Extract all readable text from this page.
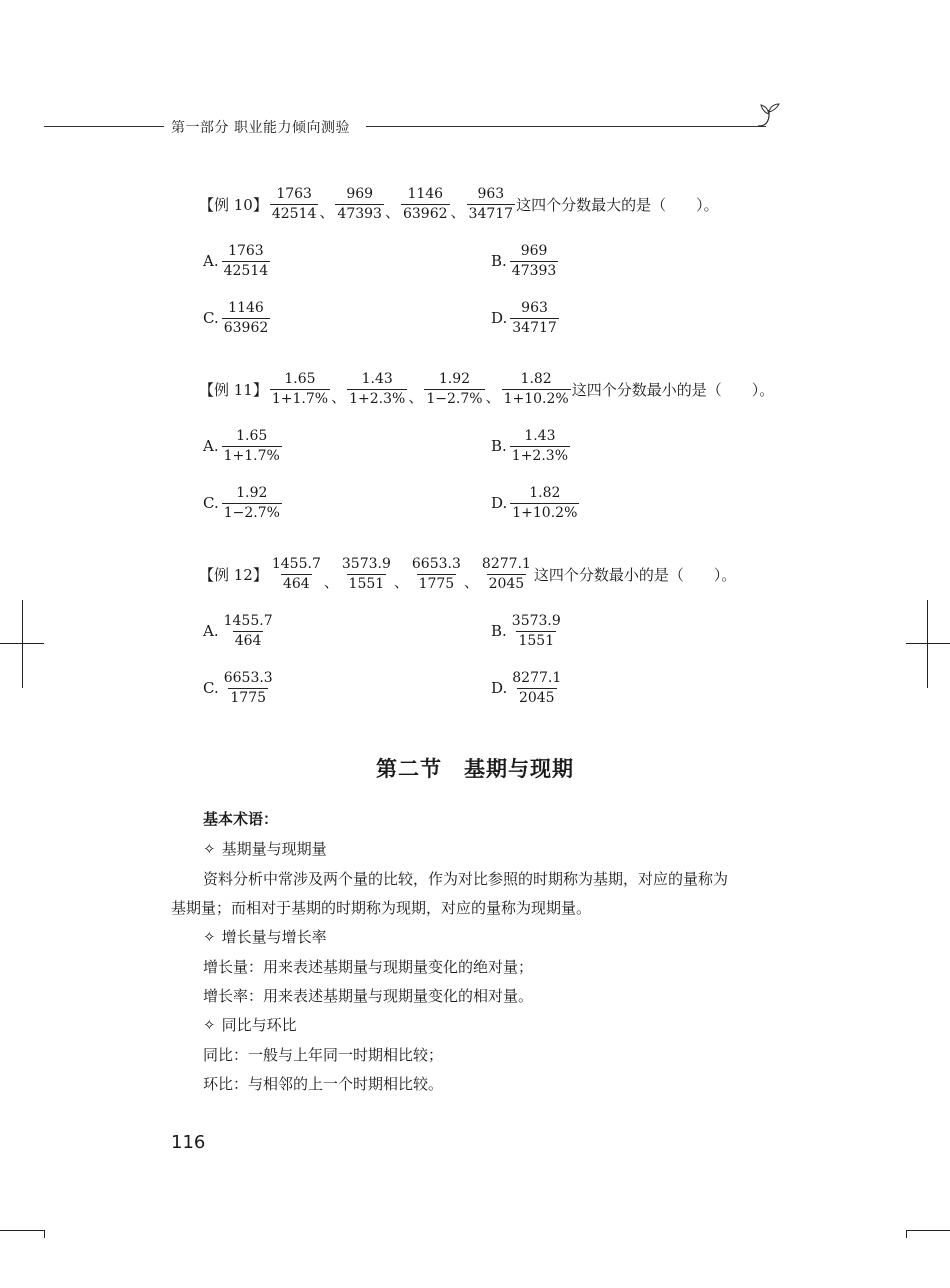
第一部分 职业能力倾向测验
【例 10】 $\frac{1763}{42514}$ 、 $\frac{969}{47393}$ 、 $\frac{1146}{63962}$ 、 $\frac{963}{34717}$ 这四个分数最大的是（　　）。
A. $\frac{1763}{42514}$	B. $\frac{969}{47393}$
C. $\frac{1146}{63962}$	D. $\frac{963}{34717}$
【例 11】 $\frac{1.65}{1+1.7\%}$ 、 $\frac{1.43}{1+2.3\%}$ 、 $\frac{1.92}{1-2.7\%}$ 、 $\frac{1.82}{1+10.2\%}$ 这四个分数最小的是（　　）。
A. $\frac{1.65}{1+1.7\%}$	B. $\frac{1.43}{1+2.3\%}$
C. $\frac{1.92}{1-2.7\%}$	D. $\frac{1.82}{1+10.2\%}$
【例 12】 $\frac{1455.7}{464}$ 、 $\frac{3573.9}{1551}$ 、 $\frac{6653.3}{1775}$ 、 $\frac{8277.1}{2045}$ 这四个分数最小的是（　　）。
A. $\frac{1455.7}{464}$	B. $\frac{3573.9}{1551}$
C. $\frac{6653.3}{1775}$	D. $\frac{8277.1}{2045}$
第二节 基期与现期
基本术语：
✧ 基期量与现期量
资料分析中常涉及两个量的比较，作为对比参照的时期称为基期，对应的量称为
基期量；而相对于基期的时期称为现期，对应的量称为现期量。
✧ 增长量与增长率
增长量：用来表述基期量与现期量变化的绝对量；
增长率：用来表述基期量与现期量变化的相对量。
✧ 同比与环比
同比：一般与上年同一时期相比较；
环比：与相邻的上一个时期相比较。
116
